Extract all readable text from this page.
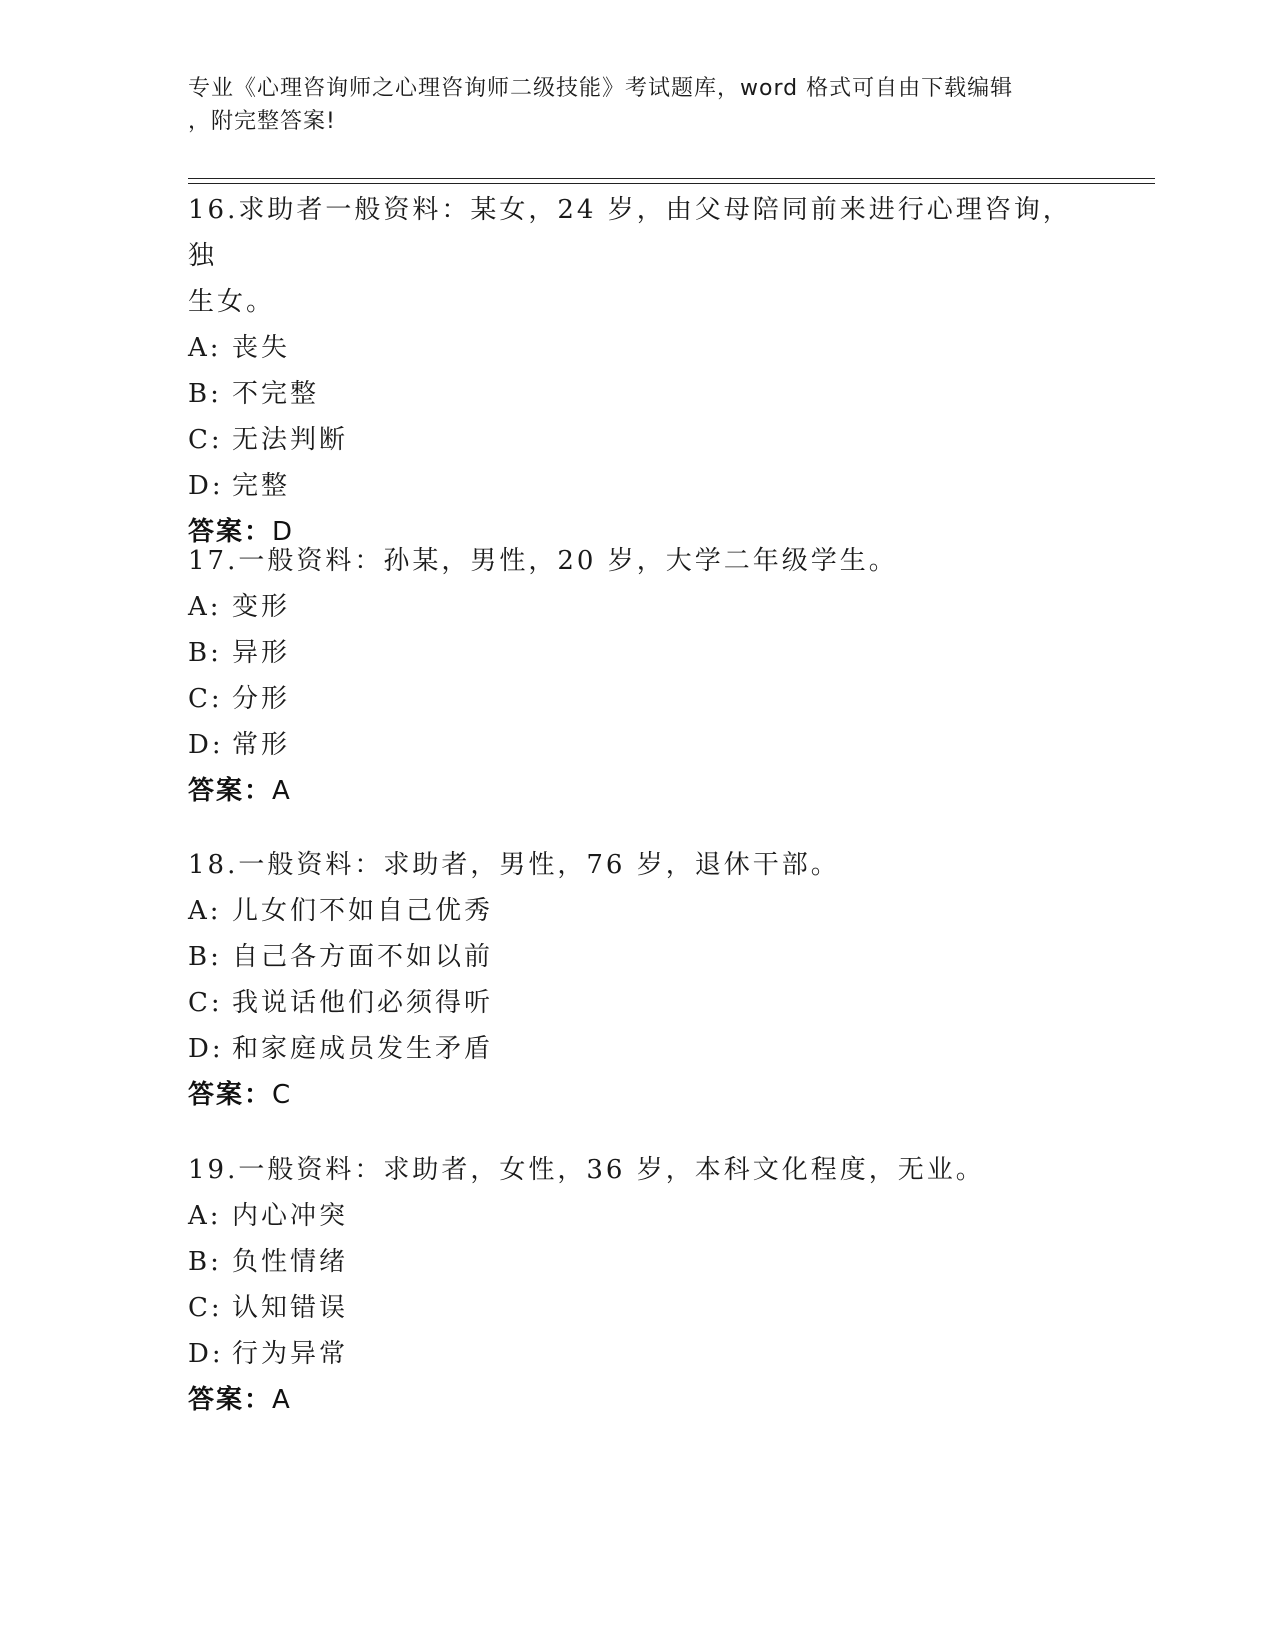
专业《心理咨询师之心理咨询师二级技能》考试题库，word 格式可自由下载编辑
，附完整答案!
16.求助者一般资料：某女，24 岁，由父母陪同前来进行心理咨询，独
生女。
A: 丧失
B: 不完整
C: 无法判断
D: 完整
答案：D
17.一般资料：孙某，男性，20 岁，大学二年级学生。
A: 变形
B: 异形
C: 分形
D: 常形
答案：A
18.一般资料：求助者，男性，76 岁，退休干部。
A: 儿女们不如自己优秀
B: 自己各方面不如以前
C: 我说话他们必须得听
D: 和家庭成员发生矛盾
答案：C
19.一般资料：求助者，女性，36 岁，本科文化程度，无业。
A: 内心冲突
B: 负性情绪
C: 认知错误
D: 行为异常
答案：A
